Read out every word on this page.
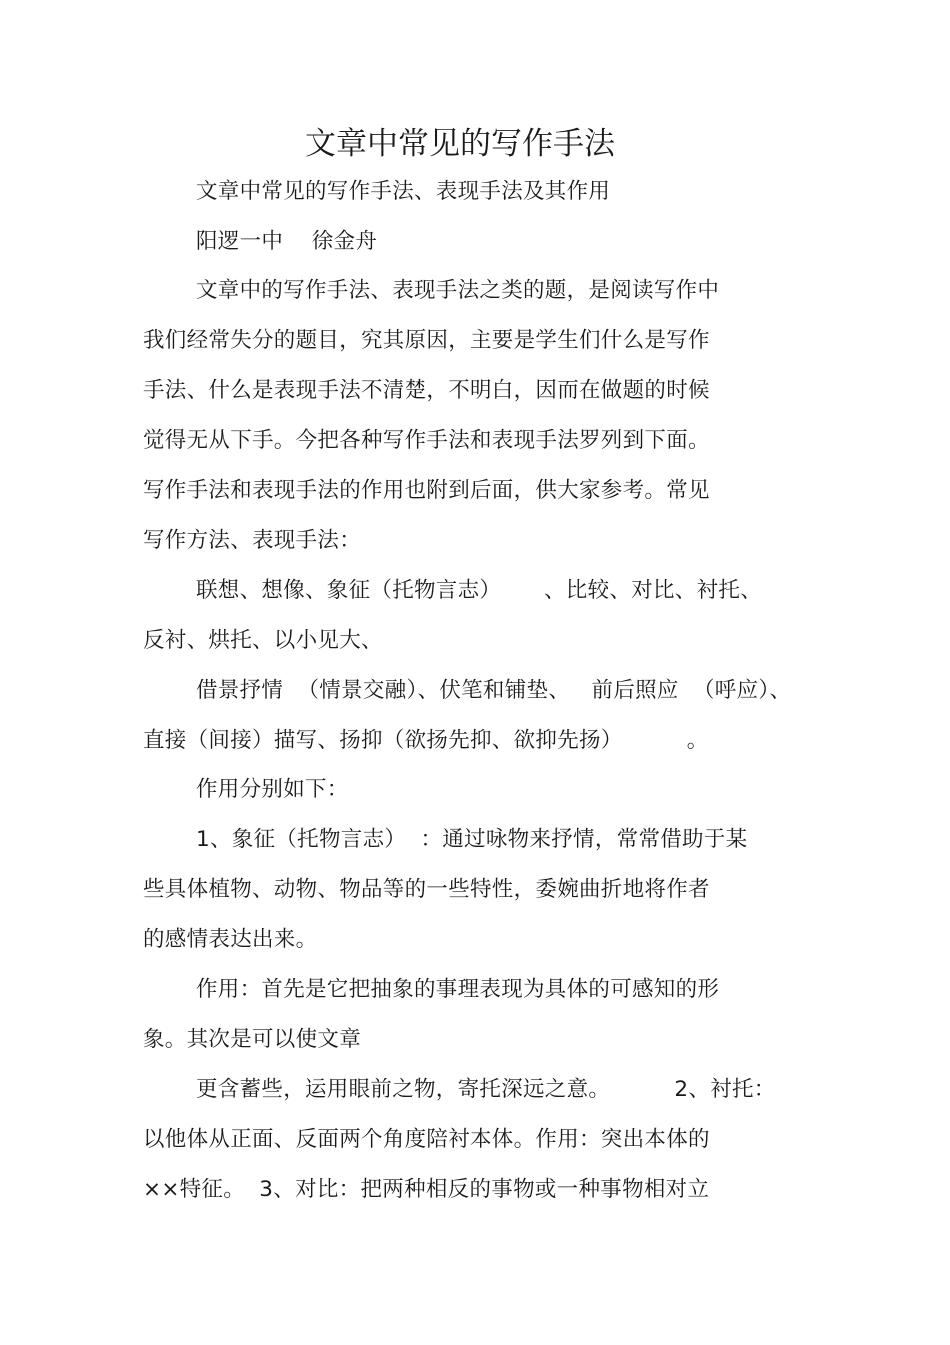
文章中常见的写作手法
文章中常见的写作手法、表现手法及其作用
阳逻一中    徐金舟
文章中的写作手法、表现手法之类的题，是阅读写作中
我们经常失分的题目，究其原因，主要是学生们什么是写作
手法、什么是表现手法不清楚，不明白，因而在做题的时候
觉得无从下手。今把各种写作手法和表现手法罗列到下面。
写作手法和表现手法的作用也附到后面，供大家参考。常见
写作方法、表现手法：
联想、想像、象征（托物言志）      、比较、对比、衬托、
反衬、烘托、以小见大、
借景抒情  （情景交融）、伏笔和铺垫、   前后照应  （呼应）、
直接（间接）描写、扬抑（欲扬先抑、欲抑先扬）         。
作用分别如下：
1、象征（托物言志）  ：通过咏物来抒情，常常借助于某
些具体植物、动物、物品等的一些特性，委婉曲折地将作者
的感情表达出来。
作用：首先是它把抽象的事理表现为具体的可感知的形
象。其次是可以使文章
更含蓄些，运用眼前之物，寄托深远之意。         2、衬托：
以他体从正面、反面两个角度陪衬本体。作用：突出本体的
××特征。  3、对比：把两种相反的事物或一种事物相对立
